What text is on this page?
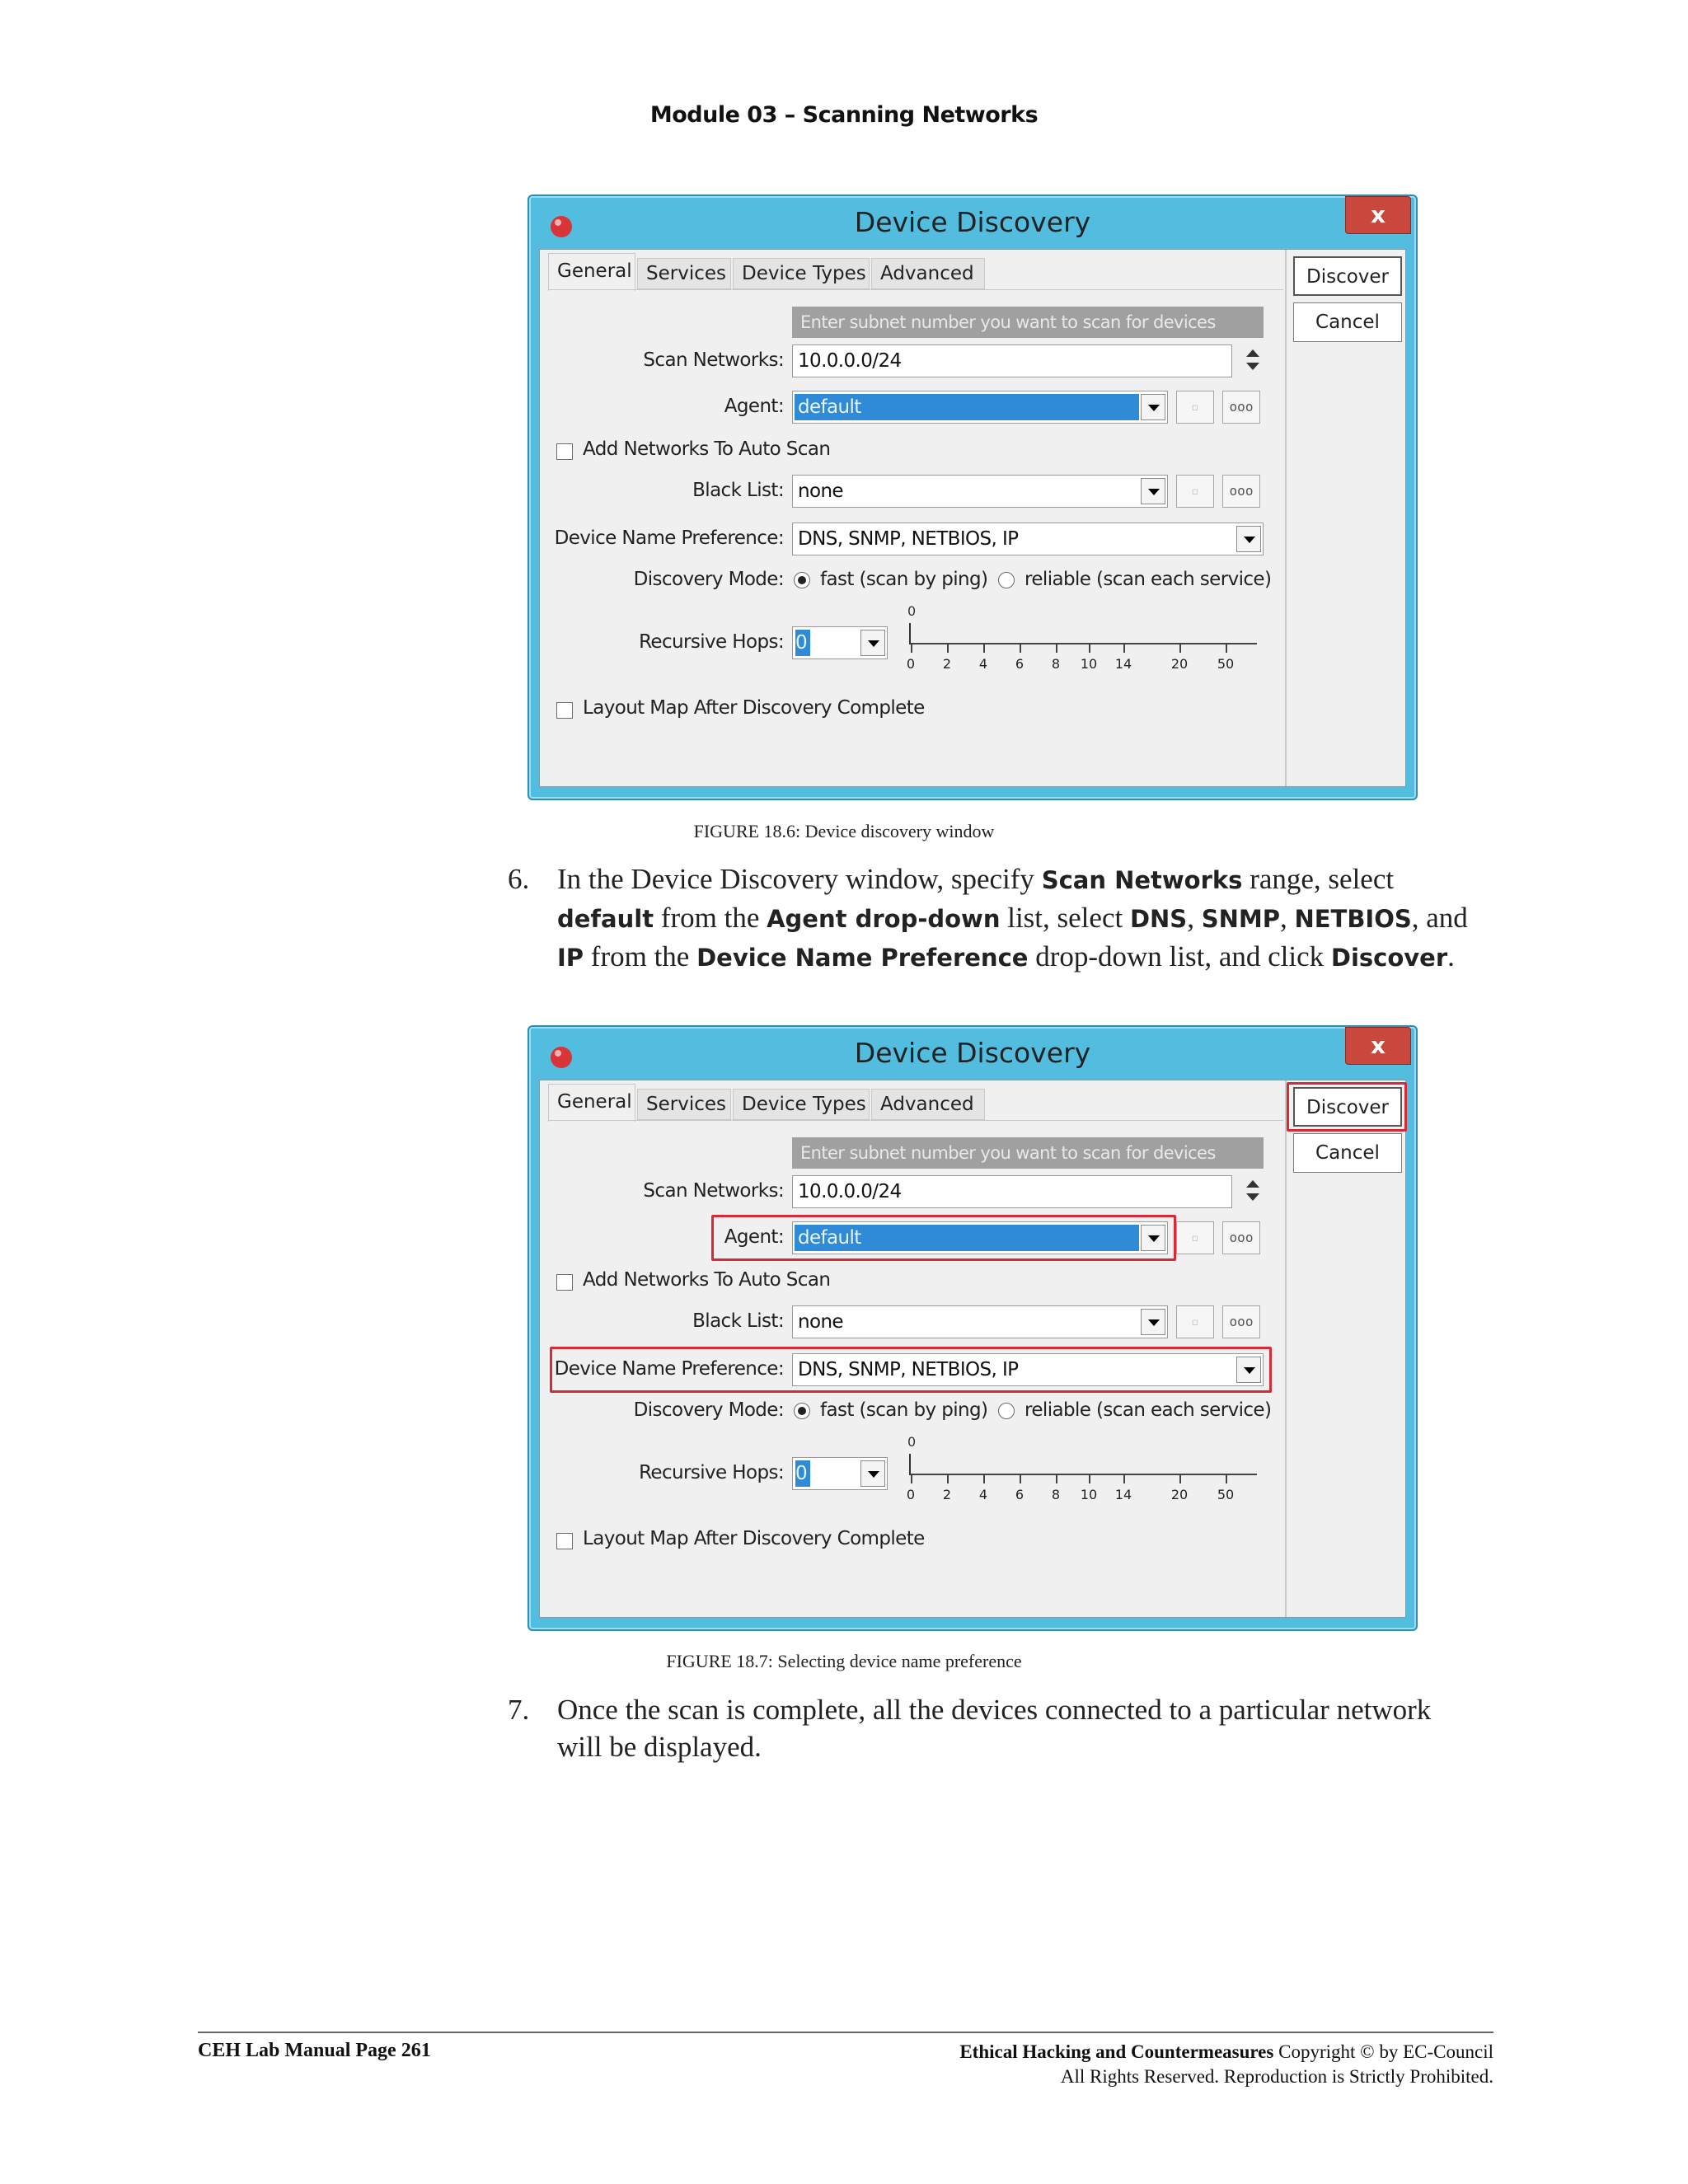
Module 03 – Scanning Networks
Device Discovery	x
General Services Device Types Advanced
Enter subnet number you want to scan for devices
Scan Networks: 10.0.0.0/24
Agent: default	▫	ooo
Add Networks To Auto Scan
Black List: none	▫	ooo
Device Name Preference: DNS, SNMP, NETBIOS, IP
Discovery Mode: fast (scan by ping) reliable (scan each service)
Recursive Hops: 0
0
0	2	4	6	8	10	14	20	50
Layout Map After Discovery Complete
Discover
Cancel
FIGURE 18.6: Device discovery window
6. In the Device Discovery window, specify Scan Networks range, select default from the Agent drop-down list, select DNS, SNMP, NETBIOS, and IP from the Device Name Preference drop-down list, and click Discover.
Device Discovery	x
General Services Device Types Advanced
Enter subnet number you want to scan for devices
Scan Networks: 10.0.0.0/24
Agent: default	▫	ooo
Add Networks To Auto Scan
Black List: none	▫	ooo
Device Name Preference: DNS, SNMP, NETBIOS, IP
Discovery Mode: fast (scan by ping) reliable (scan each service)
Recursive Hops: 0
0
0	2	4	6	8	10	14	20	50
Layout Map After Discovery Complete
Discover
Cancel
FIGURE 18.7: Selecting device name preference
7. Once the scan is complete, all the devices connected to a particular network will be displayed.
CEH Lab Manual Page 261	Ethical Hacking and Countermeasures Copyright © by EC-Council
All Rights Reserved. Reproduction is Strictly Prohibited.
